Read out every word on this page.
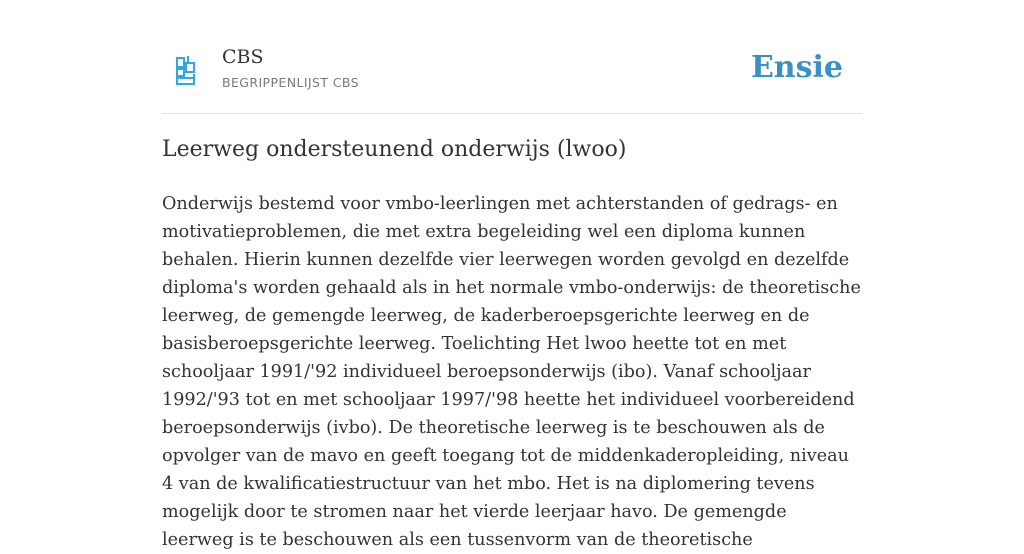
CBS
BEGRIPPENLIJST CBS	Ensie
Leerweg ondersteunend onderwijs (lwoo)

Onderwijs bestemd voor vmbo-leerlingen met achterstanden of gedrags- en motivatieproblemen, die met extra begeleiding wel een diploma kunnen behalen. Hierin kunnen dezelfde vier leerwegen worden gevolgd en dezelfde diploma's worden gehaald als in het normale vmbo-onderwijs: de theoretische leerweg, de gemengde leerweg, de kaderberoepsgerichte leerweg en de basisberoepsgerichte leerweg. Toelichting Het lwoo heette tot en met schooljaar 1991/'92 individueel beroepsonderwijs (ibo). Vanaf schooljaar 1992/'93 tot en met schooljaar 1997/'98 heette het individueel voorbereidend beroepsonderwijs (ivbo). De theoretische leerweg is te beschouwen als de opvolger van de mavo en geeft toegang tot de middenkaderopleiding, niveau 4 van de kwalificatiestructuur van het mbo. Het is na diplomering tevens mogelijk door te stromen naar het vierde leerjaar havo. De gemengde leerweg is te beschouwen als een tussenvorm van de theoretische
